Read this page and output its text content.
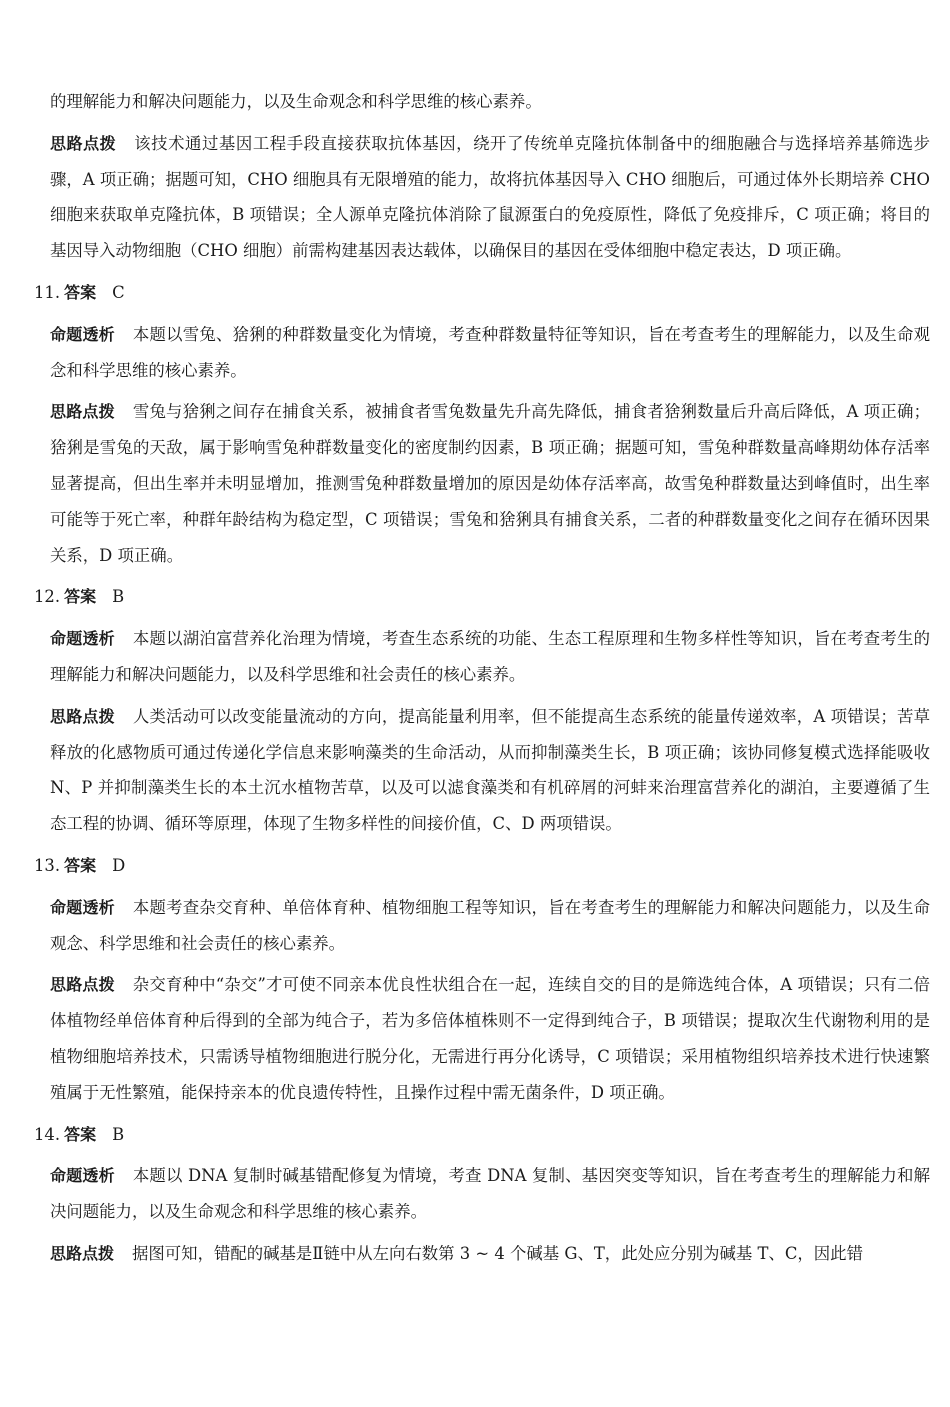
的理解能力和解决问题能力，以及生命观念和科学思维的核心素养。

思路点拨 该技术通过基因工程手段直接获取抗体基因，绕开了传统单克隆抗体制备中的细胞融合与选择培养基筛选步骤，A 项正确；据题可知，CHO 细胞具有无限增殖的能力，故将抗体基因导入 CHO 细胞后，可通过体外长期培养 CHO 细胞来获取单克隆抗体，B 项错误；全人源单克隆抗体消除了鼠源蛋白的免疫原性，降低了免疫排斥，C 项正确；将目的基因导入动物细胞（CHO 细胞）前需构建基因表达载体，以确保目的基因在受体细胞中稳定表达，D 项正确。

11. 答案 C

命题透析 本题以雪兔、猞猁的种群数量变化为情境，考查种群数量特征等知识，旨在考查考生的理解能力，以及生命观念和科学思维的核心素养。

思路点拨 雪兔与猞猁之间存在捕食关系，被捕食者雪兔数量先升高先降低，捕食者猞猁数量后升高后降低，A 项正确；猞猁是雪兔的天敌，属于影响雪兔种群数量变化的密度制约因素，B 项正确；据题可知，雪兔种群数量高峰期幼体存活率显著提高，但出生率并未明显增加，推测雪兔种群数量增加的原因是幼体存活率高，故雪兔种群数量达到峰值时，出生率可能等于死亡率，种群年龄结构为稳定型，C 项错误；雪兔和猞猁具有捕食关系，二者的种群数量变化之间存在循环因果关系，D 项正确。

12. 答案 B

命题透析 本题以湖泊富营养化治理为情境，考查生态系统的功能、生态工程原理和生物多样性等知识，旨在考查考生的理解能力和解决问题能力，以及科学思维和社会责任的核心素养。

思路点拨 人类活动可以改变能量流动的方向，提高能量利用率，但不能提高生态系统的能量传递效率，A 项错误；苦草释放的化感物质可通过传递化学信息来影响藻类的生命活动，从而抑制藻类生长，B 项正确；该协同修复模式选择能吸收 N、P 并抑制藻类生长的本土沉水植物苦草，以及可以滤食藻类和有机碎屑的河蚌来治理富营养化的湖泊，主要遵循了生态工程的协调、循环等原理，体现了生物多样性的间接价值，C、D 两项错误。

13. 答案 D

命题透析 本题考查杂交育种、单倍体育种、植物细胞工程等知识，旨在考查考生的理解能力和解决问题能力，以及生命观念、科学思维和社会责任的核心素养。

思路点拨 杂交育种中“杂交”才可使不同亲本优良性状组合在一起，连续自交的目的是筛选纯合体，A 项错误；只有二倍体植物经单倍体育种后得到的全部为纯合子，若为多倍体植株则不一定得到纯合子，B 项错误；提取次生代谢物利用的是植物细胞培养技术，只需诱导植物细胞进行脱分化，无需进行再分化诱导，C 项错误；采用植物组织培养技术进行快速繁殖属于无性繁殖，能保持亲本的优良遗传特性，且操作过程中需无菌条件，D 项正确。

14. 答案 B

命题透析 本题以 DNA 复制时碱基错配修复为情境，考查 DNA 复制、基因突变等知识，旨在考查考生的理解能力和解决问题能力，以及生命观念和科学思维的核心素养。

思路点拨 据图可知，错配的碱基是Ⅱ链中从左向右数第 3 ~ 4 个碱基 G、T，此处应分别为碱基 T、C，因此错
